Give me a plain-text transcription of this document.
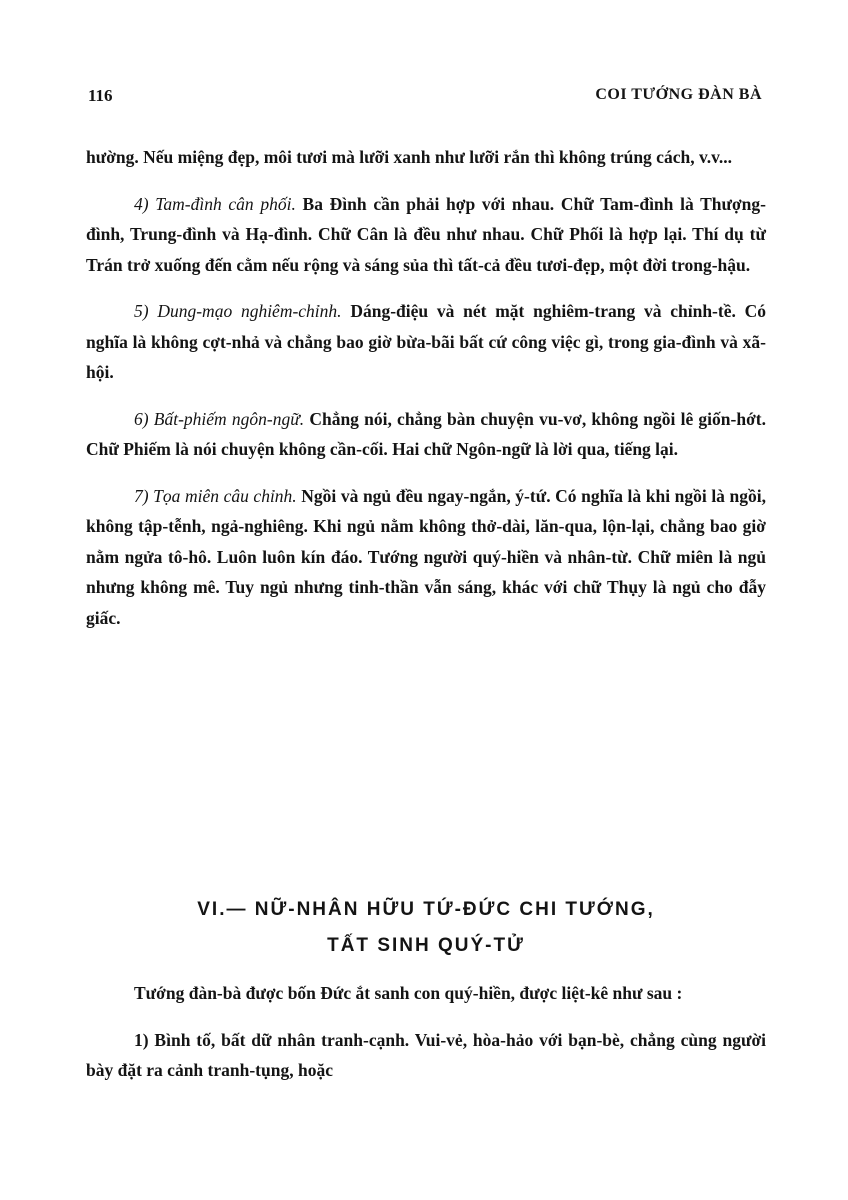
116	COI TƯỚNG ĐÀN BÀ

hường. Nếu miệng đẹp, môi tươi mà lưỡi xanh như lưỡi rắn thì không trúng cách, v.v...

4) Tam-đình cân phối. Ba Đình cần phải hợp với nhau. Chữ Tam-đình là Thượng-đình, Trung-đình và Hạ-đình. Chữ Cân là đều như nhau. Chữ Phối là hợp lại. Thí dụ từ Trán trở xuống đến cằm nếu rộng và sáng sủa thì tất-cả đều tươi-đẹp, một đời trong-hậu.

5) Dung-mạo nghiêm-chỉnh. Dáng-điệu và nét mặt nghiêm-trang và chỉnh-tề. Có nghĩa là không cợt-nhả và chẳng bao giờ bừa-bãi bất cứ công việc gì, trong gia-đình và xã-hội.

6) Bất-phiếm ngôn-ngữ. Chẳng nói, chẳng bàn chuyện vu-vơ, không ngồi lê giốn-hớt. Chữ Phiếm là nói chuyện không cần-cối. Hai chữ Ngôn-ngữ là lời qua, tiếng lại.

7) Tọa miên câu chỉnh. Ngồi và ngủ đều ngay-ngắn, ý-tứ. Có nghĩa là khi ngồi là ngồi, không tập-tễnh, ngả-nghiêng. Khi ngủ nằm không thở-dài, lăn-qua, lộn-lại, chẳng bao giờ nằm ngửa tô-hô. Luôn luôn kín đáo. Tướng người quý-hiền và nhân-từ. Chữ miên là ngủ nhưng không mê. Tuy ngủ nhưng tinh-thần vẫn sáng, khác với chữ Thụy là ngủ cho đẫy giấc.

VI.— NỮ-NHÂN HỮU TỨ-ĐỨC CHI TƯỚNG,
TẤT SINH QUÝ-TỬ

Tướng đàn-bà được bốn Đức ắt sanh con quý-hiền, được liệt-kê như sau :

1) Bình tố, bất dữ nhân tranh-cạnh. Vui-vẻ, hòa-hảo với bạn-bè, chẳng cùng người bày đặt ra cảnh tranh-tụng, hoặc
